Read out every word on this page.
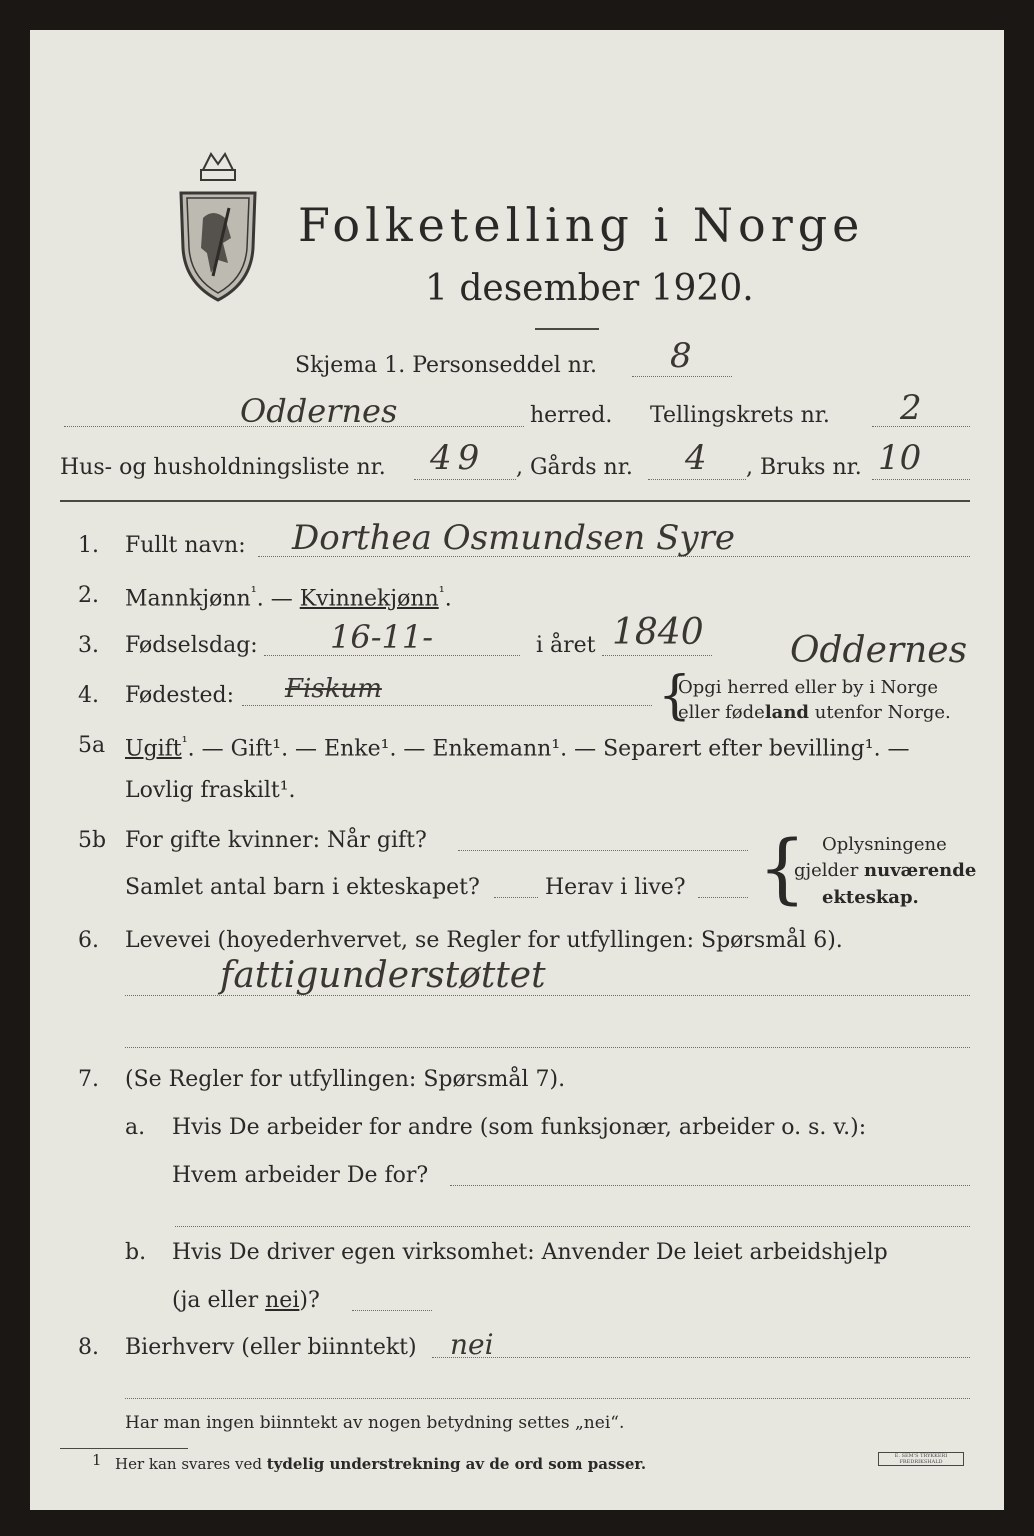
Folketelling i Norge
1 desember 1920.
Skjema 1. Personseddel nr. 8
Oddernes	herred. Tellingskrets nr. 2
Hus- og husholdningsliste nr. 49 , Gårds nr. 4 , Bruks nr. 10
1. Fullt navn: Dorthea Osmundsen Syre
2. Mannkjønn$^{^1}$. — Kvinnekjønn$^{^1}$.
3. Fødselsdag: 16-11-	i året 1840
4. Fødested: Fiskum
Oddernes
{
Opgi herred eller by i Norge
eller fødeland utenfor Norge.
5a Ugift$^{^1}$. — Gift¹. — Enke¹. — Enkemann¹. — Separert efter bevilling¹. —
Lovlig fraskilt¹.
5b For gifte kvinner: Når gift?
Samlet antal barn i ekteskapet?	Herav i live? { Oplysningene
gjelder nuværende
ekteskap.
6. Levevei (hoyederhvervet, se Regler for utfyllingen: Spørsmål 6).
fattigunderstøttet
7. (Se Regler for utfyllingen: Spørsmål 7).
a. Hvis De arbeider for andre (som funksjonær, arbeider o. s. v.):
Hvem arbeider De for?
b. Hvis De driver egen virksomhet: Anvender De leiet arbeidshjelp
(ja eller nei)?
8. Bierhverv (eller biinntekt) nei
Har man ingen biinntekt av nogen betydning settes „nei“.
1 Her kan svares ved tydelig understrekning av de ord som passer.	E. SEM'S TRYKKERI FREDRIKSHALD
